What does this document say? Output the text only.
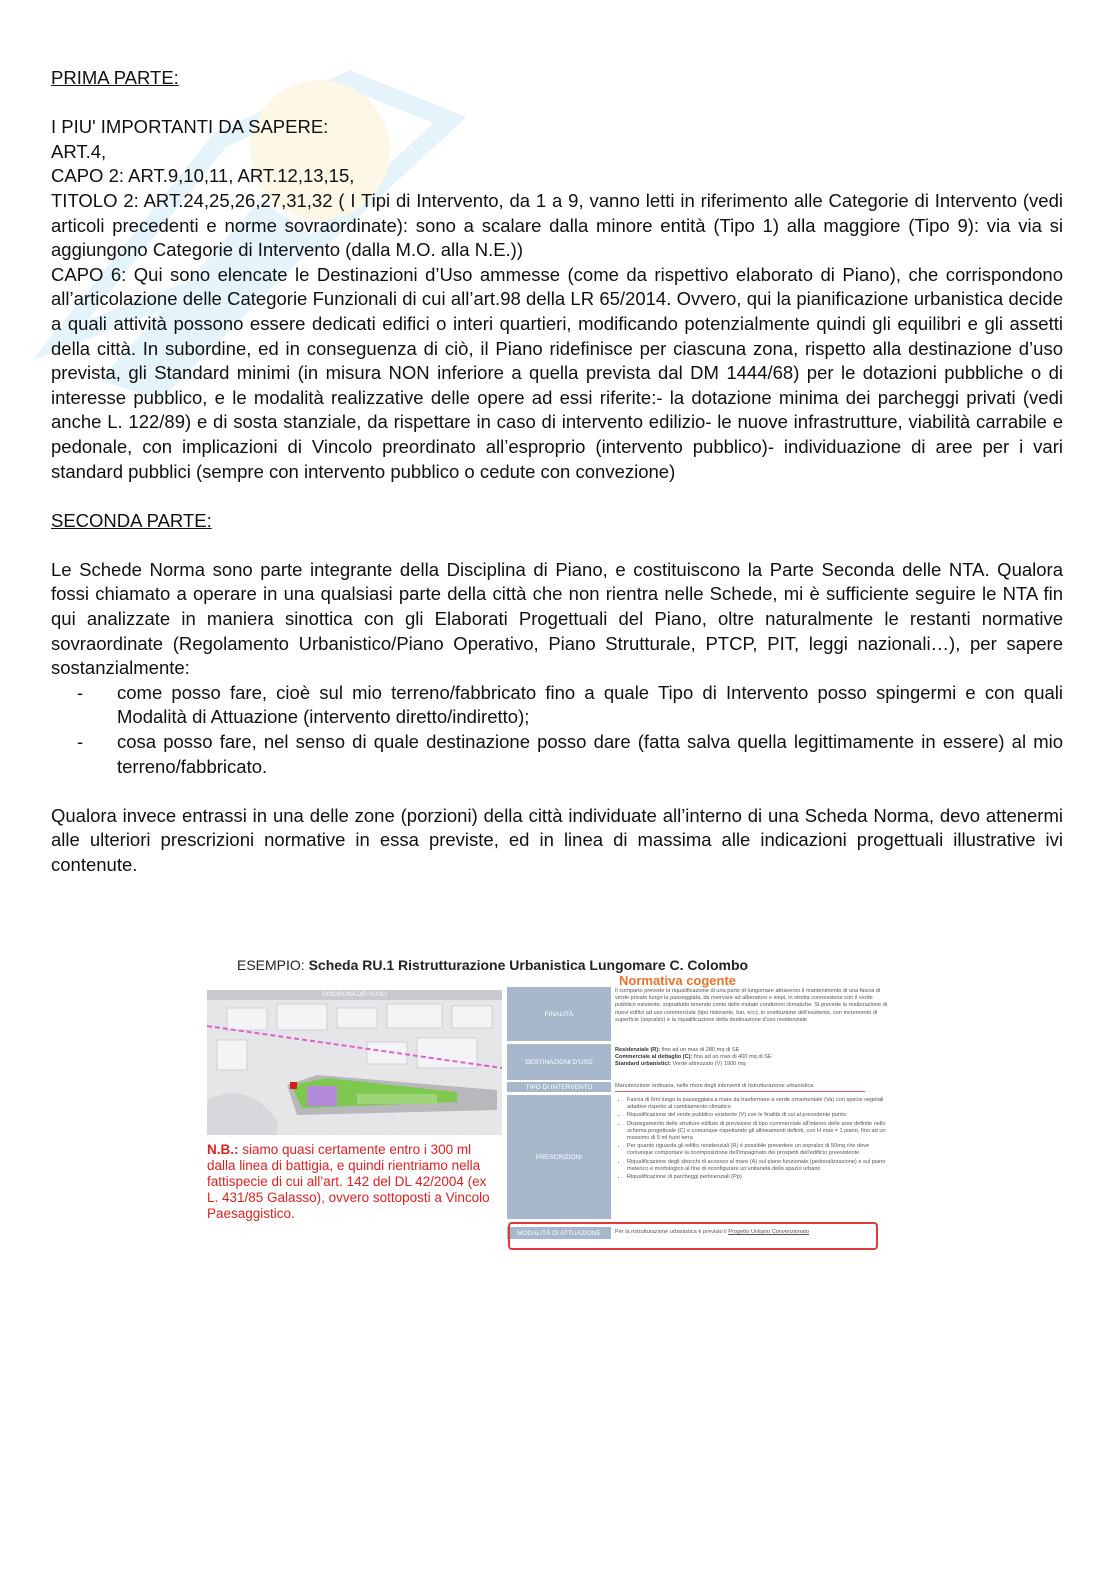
PRIMA PARTE:
I PIU' IMPORTANTI DA SAPERE:
ART.4,
CAPO 2: ART.9,10,11, ART.12,13,15,
TITOLO 2: ART.24,25,26,27,31,32 ( I Tipi di Intervento, da 1 a 9, vanno letti in riferimento alle Categorie di Intervento (vedi articoli precedenti e norme sovraordinate): sono a scalare dalla minore entità (Tipo 1) alla maggiore (Tipo 9): via via si aggiungono Categorie di Intervento (dalla M.O. alla N.E.))
CAPO 6: Qui sono elencate le Destinazioni d’Uso ammesse (come da rispettivo elaborato di Piano), che corrispondono all’articolazione delle Categorie Funzionali di cui all’art.98 della LR 65/2014. Ovvero, qui la pianificazione urbanistica decide a quali attività possono essere dedicati edifici o interi quartieri, modificando potenzialmente quindi gli equilibri e gli assetti della città. In subordine, ed in conseguenza di ciò, il Piano ridefinisce per ciascuna zona, rispetto alla destinazione d’uso prevista, gli Standard minimi (in misura NON inferiore a quella prevista dal DM 1444/68) per le dotazioni pubbliche o di interesse pubblico, e le modalità realizzative delle opere ad essi riferite:- la dotazione minima dei parcheggi privati (vedi anche L. 122/89) e di sosta stanziale, da rispettare in caso di intervento edilizio- le nuove infrastrutture, viabilità carrabile e pedonale, con implicazioni di Vincolo preordinato all’esproprio (intervento pubblico)- individuazione di aree per i vari standard pubblici (sempre con intervento pubblico o cedute con convezione)
SECONDA PARTE:
Le Schede Norma sono parte integrante della Disciplina di Piano, e costituiscono la Parte Seconda delle NTA. Qualora fossi chiamato a operare in una qualsiasi parte della città che non rientra nelle Schede, mi è sufficiente seguire le NTA fin qui analizzate in maniera sinottica con gli Elaborati Progettuali del Piano, oltre naturalmente le restanti normative sovraordinate (Regolamento Urbanistico/Piano Operativo, Piano Strutturale, PTCP, PIT, leggi nazionali…), per sapere sostanzialmente:
- come posso fare, cioè sul mio terreno/fabbricato fino a quale Tipo di Intervento posso spingermi e con quali Modalità di Attuazione (intervento diretto/indiretto);
- cosa posso fare, nel senso di quale destinazione posso dare (fatta salva quella legittimamente in essere) al mio terreno/fabbricato.
Qualora invece entrassi in una delle zone (porzioni) della città individuate all’interno di una Scheda Norma, devo attenermi alle ulteriori prescrizioni normative in essa previste, ed in linea di massima alle indicazioni progettuali illustrative ivi contenute.
ESEMPIO: Scheda RU.1 Ristrutturazione Urbanistica Lungomare C. Colombo
DISCIPLINA DEI SUOLI
N.B.: siamo quasi certamente entro i 300 ml dalla linea di battigia, e quindi rientriamo nella fattispecie di cui all’art. 142 del DL 42/2004 (ex L. 431/85 Galasso), ovvero sottoposti a Vincolo Paesaggistico.
Normativa cogente
FINALITÀ
Il comparto prevede la riqualificazione di una parte di lungomare attraverso il mantenimento di una fascia di verde privato lungo la passeggiata, da riservare ad alberature e siepi, in stretta connessione con il verde pubblico esistente, soprattutto tenendo conto delle mutate condizioni climatiche. Si prevede la realizzazione di nuovi edifici ad uso commerciale (tipo ristorante, bar, ecc), in sostituzione dell'esistente, con incremento di superficie (sopralzo) e la riqualificazione della destinazione d'uso residenziale
DESTINAZIONI D'USO
Residenziale (R): fino ad un max di 280 mq di SE
Commerciale al dettaglio (C): fino ad un max di 400 mq di SE
Standard urbanistici: Verde attrezzato (V) 1900 mq
TIPO DI INTERVENTO	Manutenzione ordinaria, nelle more degli interventi di ristrutturazione urbanistica
PRESCRIZIONI
• Fascia di 6ml lungo la passeggiata a mare da trasformare a verde ornamentale (Va) con specie vegetali adattive rispetto al cambiamento climatico
• Riqualificazione del verde pubblico esistente (V) con le finalità di cui al precedente punto
• Dispiegamento delle strutture edilizie di previsione di tipo commerciale all'interno delle aree definite nello schema progettuale (C) e comunque rispettando gli allineamenti definiti, con H max = 1 piano, fino ad un massimo di 5 ml fuori terra
• Per quanto riguarda gli edifici residenziali (R) è possibile prevedere un sopralzo di 50mq che deve comunque comportare la ricomposizione dell'impaginato dei prospetti dell'edificio preesistente
• Riqualificazione degli sbocchi di accesso al mare (A) sul piano funzionale (pedonalizzazione) e sul piano materico e morfologico al fine di riconfigurare un'unitarietà dello spazio urbano
• Riqualificazione di parcheggi pertinenziali (Pp)
MODALITÀ DI ATTUAZIONE	Per la ristrutturazione urbanistica è previsto il Progetto Unitario Convenzionato
